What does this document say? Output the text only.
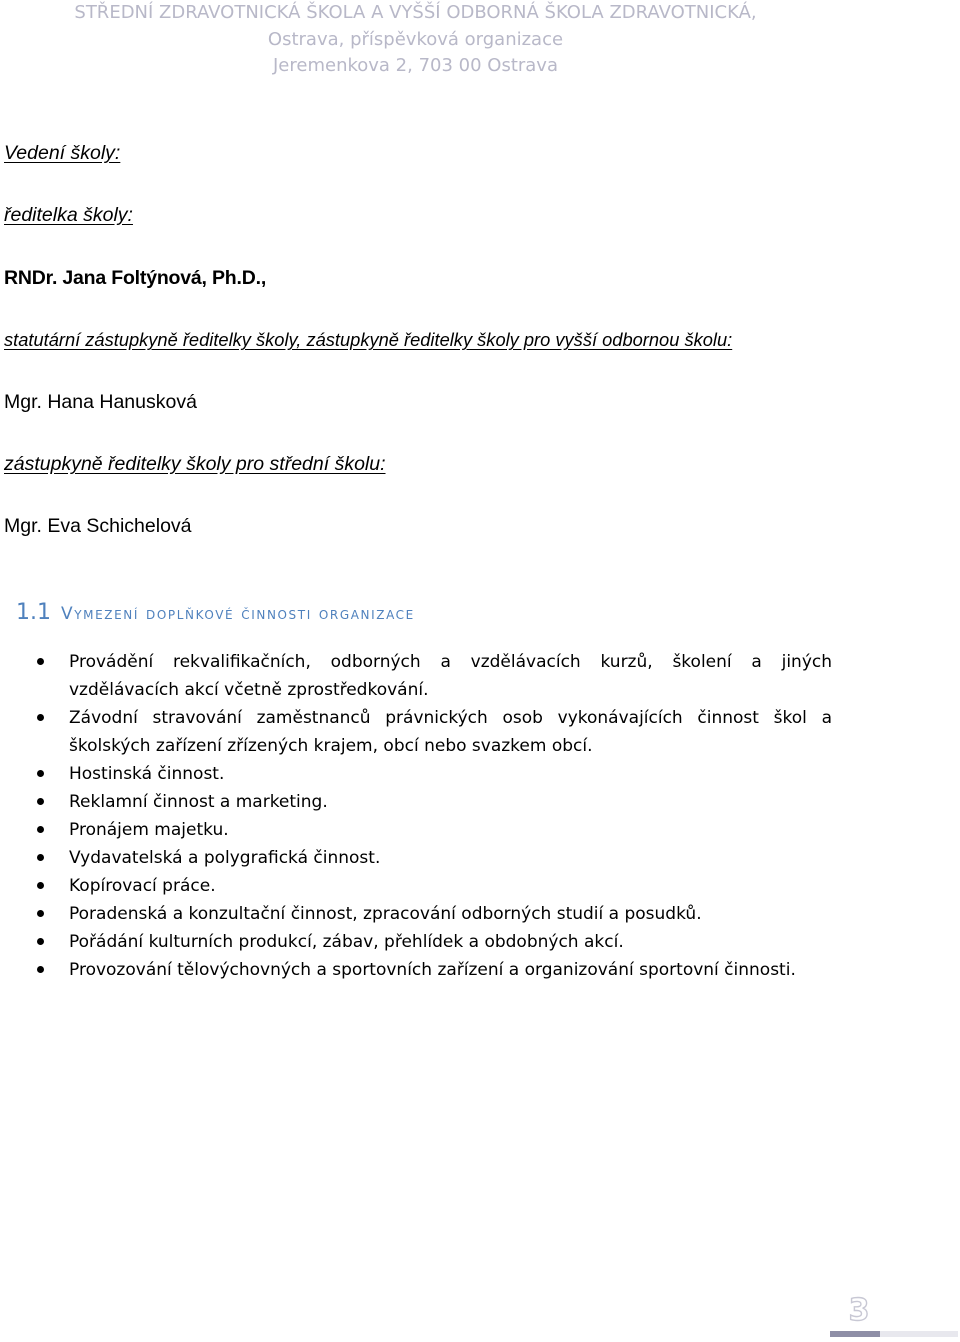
STŘEDNÍ ZDRAVOTNICKÁ ŠKOLA A VYŠŠÍ ODBORNÁ ŠKOLA ZDRAVOTNICKÁ,
Ostrava, příspěvková organizace
Jeremenkova 2, 703 00 Ostrava
Vedení školy:
ředitelka školy:
RNDr. Jana Foltýnová, Ph.D.,
statutární zástupkyně ředitelky školy, zástupkyně ředitelky školy pro vyšší odbornou školu:
Mgr. Hana Hanusková
zástupkyně ředitelky školy pro střední školu:
Mgr. Eva Schichelová
1.1 Vymezení doplňkové činnosti organizace
Provádění rekvalifikačních, odborných a vzdělávacích kurzů, školení a jiných vzdělávacích akcí včetně zprostředkování.
Závodní stravování zaměstnanců právnických osob vykonávajících činnost škol a školských zařízení zřízených krajem, obcí nebo svazkem obcí.
Hostinská činnost.
Reklamní činnost a marketing.
Pronájem majetku.
Vydavatelská a polygrafická činnost.
Kopírovací práce.
Poradenská a konzultační činnost, zpracování odborných studií a posudků.
Pořádání kulturních produkcí, zábav, přehlídek a obdobných akcí.
Provozování tělovýchovných a sportovních zařízení a organizování sportovní činnosti.
3
